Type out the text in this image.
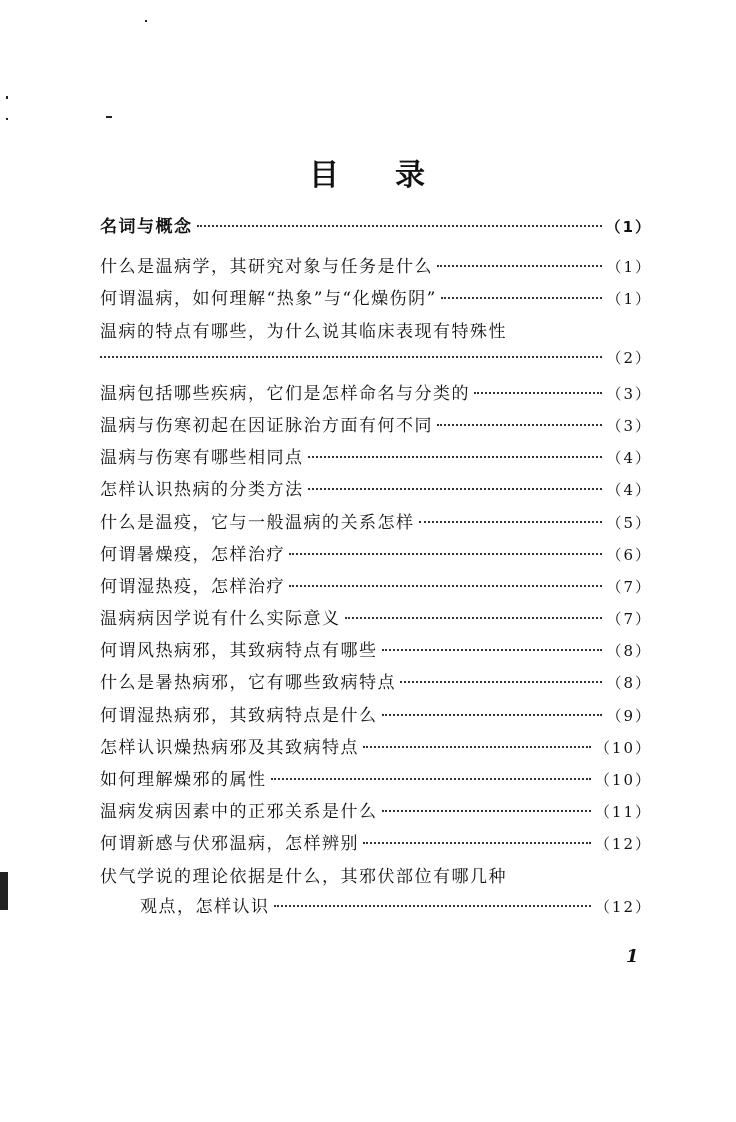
目 录
名词与概念	（1）
什么是温病学，其研究对象与任务是什么	（1）
何谓温病，如何理解“热象”与“化燥伤阴”	（1）
温病的特点有哪些，为什么说其临床表现有特殊性
（2）
温病包括哪些疾病，它们是怎样命名与分类的	（3）
温病与伤寒初起在因证脉治方面有何不同	（3）
温病与伤寒有哪些相同点	（4）
怎样认识热病的分类方法	（4）
什么是温疫，它与一般温病的关系怎样	（5）
何谓暑燥疫，怎样治疗	（6）
何谓湿热疫，怎样治疗	（7）
温病病因学说有什么实际意义	（7）
何谓风热病邪，其致病特点有哪些	（8）
什么是暑热病邪，它有哪些致病特点	（8）
何谓湿热病邪，其致病特点是什么	（9）
怎样认识燥热病邪及其致病特点	（10）
如何理解燥邪的属性	（10）
温病发病因素中的正邪关系是什么	（11）
何谓新感与伏邪温病，怎样辨别	（12）
伏气学说的理论依据是什么，其邪伏部位有哪几种
观点，怎样认识	（12）
1
